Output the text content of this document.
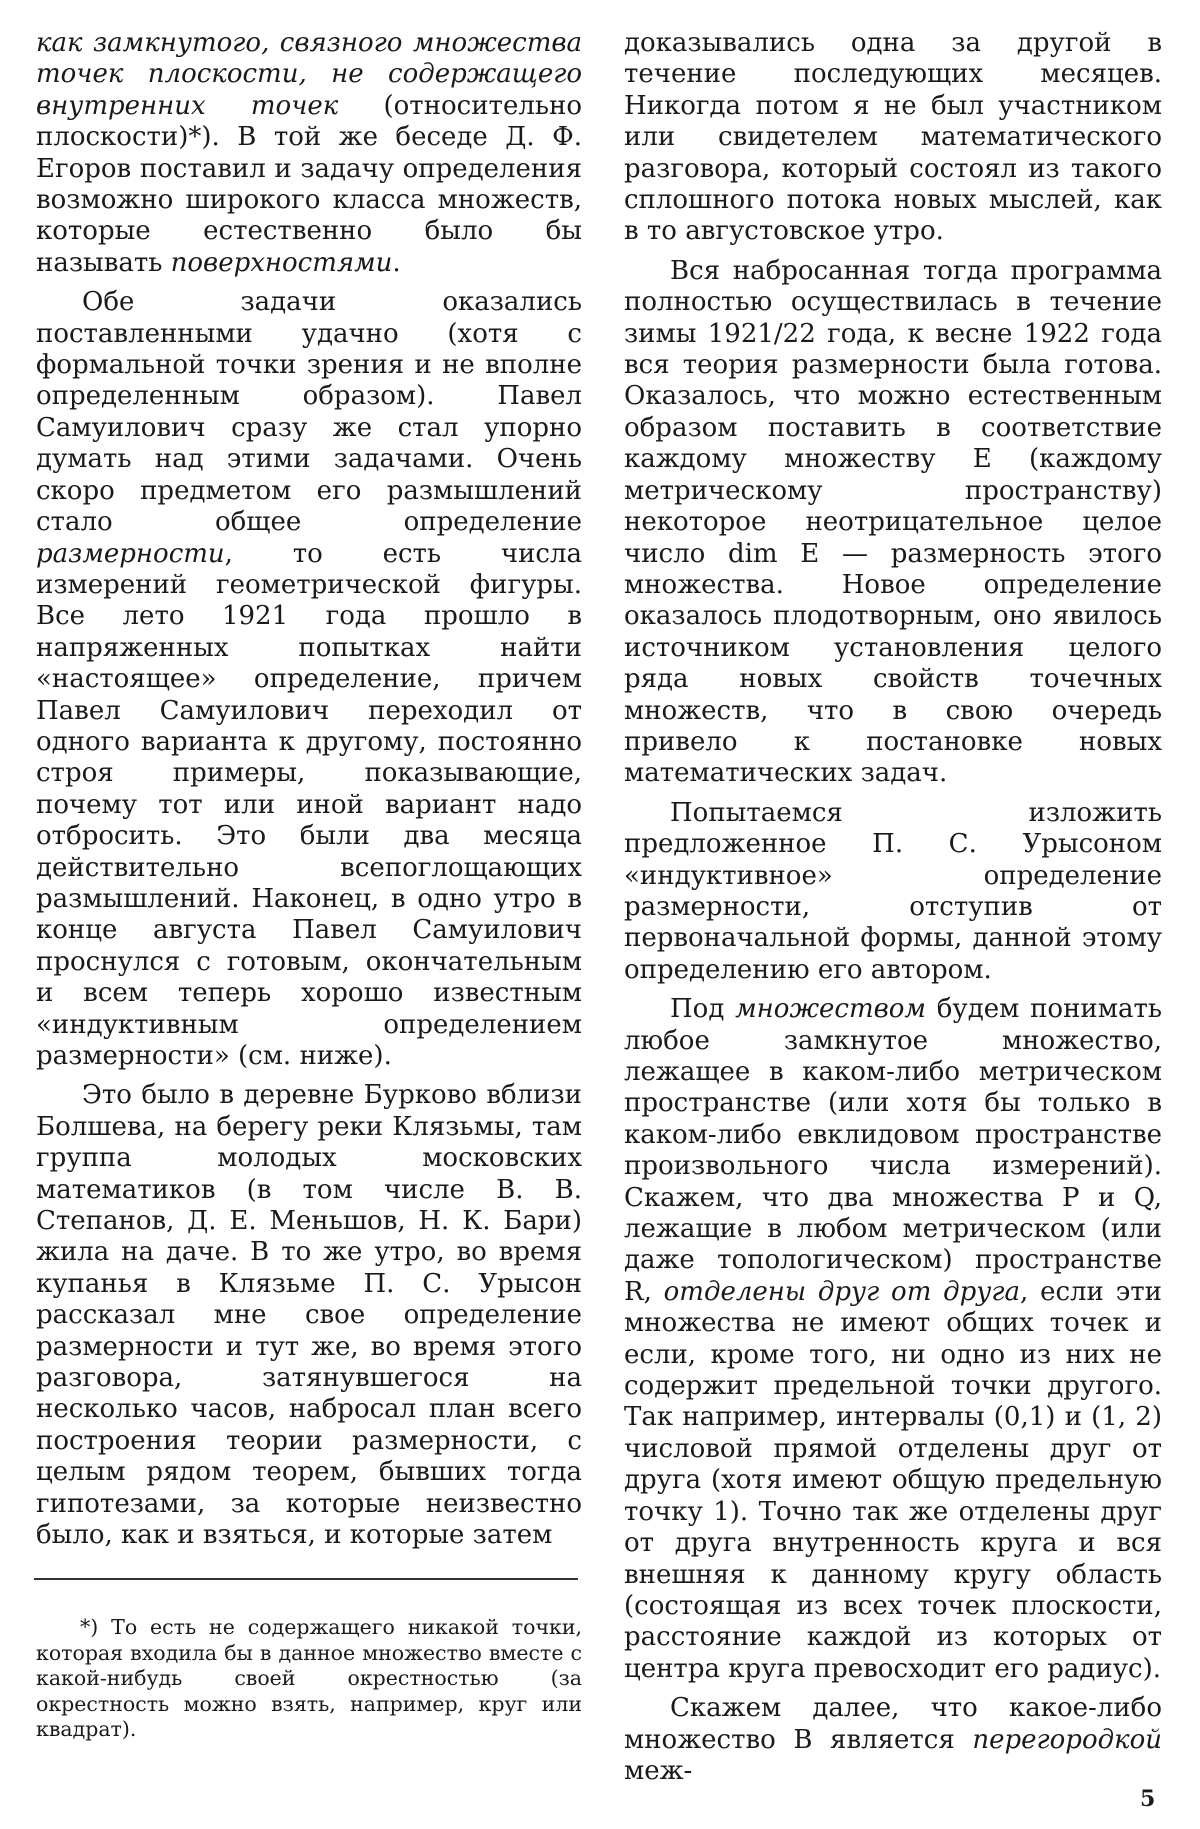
как замкнутого, связного множества точек плоскости, не содержащего внутренних точек (относительно плоскости)*). В той же беседе Д. Ф. Егоров поставил и задачу определения возможно широкого класса множеств, которые естественно было бы называть поверхностями.

Обе задачи оказались поставленными удачно (хотя с формальной точки зрения и не вполне определенным образом). Павел Самуилович сразу же стал упорно думать над этими задачами. Очень скоро предметом его размышлений стало общее определение размерности, то есть числа измерений геометрической фигуры. Все лето 1921 года прошло в напряженных попытках найти «настоящее» определение, причем Павел Самуилович переходил от одного варианта к другому, постоянно строя примеры, показывающие, почему тот или иной вариант надо отбросить. Это были два месяца действительно всепоглощающих размышлений. Наконец, в одно утро в конце августа Павел Самуилович проснулся с готовым, окончательным и всем теперь хорошо известным «индуктивным определением размерности» (см. ниже).

Это было в деревне Бурково вблизи Болшева, на берегу реки Клязьмы, там группа молодых московских математиков (в том числе В. В. Степанов, Д. Е. Меньшов, Н. К. Бари) жила на даче. В то же утро, во время купанья в Клязьме П. С. Урысон рассказал мне свое определение размерности и тут же, во время этого разговора, затянувшегося на несколько часов, набросал план всего построения теории размерности, с целым рядом теорем, бывших тогда гипотезами, за которые неизвестно было, как и взяться, и которые затем

*) То есть не содержащего никакой точки, которая входила бы в данное множество вместе с какой-нибудь своей окрестностью (за окрестность можно взять, например, круг или квадрат).

доказывались одна за другой в течение последующих месяцев. Никогда потом я не был участником или свидетелем математического разговора, который состоял из такого сплошного потока новых мыслей, как в то августовское утро.

Вся набросанная тогда программа полностью осуществилась в течение зимы 1921/22 года, к весне 1922 года вся теория размерности была готова. Оказалось, что можно естественным образом поставить в соответствие каждому множеству E (каждому метрическому пространству) некоторое неотрицательное целое число dim E — размерность этого множества. Новое определение оказалось плодотворным, оно явилось источником установления целого ряда новых свойств точечных множеств, что в свою очередь привело к постановке новых математических задач.

Попытаемся изложить предложенное П. С. Урысоном «индуктивное» определение размерности, отступив от первоначальной формы, данной этому определению его автором.

Под множеством будем понимать любое замкнутое множество, лежащее в каком-либо метрическом пространстве (или хотя бы только в каком-либо евклидовом пространстве произвольного числа измерений). Скажем, что два множества P и Q, лежащие в любом метрическом (или даже топологическом) пространстве R, отделены друг от друга, если эти множества не имеют общих точек и если, кроме того, ни одно из них не содержит предельной точки другого. Так например, интервалы (0,1) и (1, 2) числовой прямой отделены друг от друга (хотя имеют общую предельную точку 1). Точно так же отделены друг от друга внутренность круга и вся внешняя к данному кругу область (состоящая из всех точек плоскости, расстояние каждой из которых от центра круга превосходит его радиус).

Скажем далее, что какое-либо множество B является перегородкой меж-

5
